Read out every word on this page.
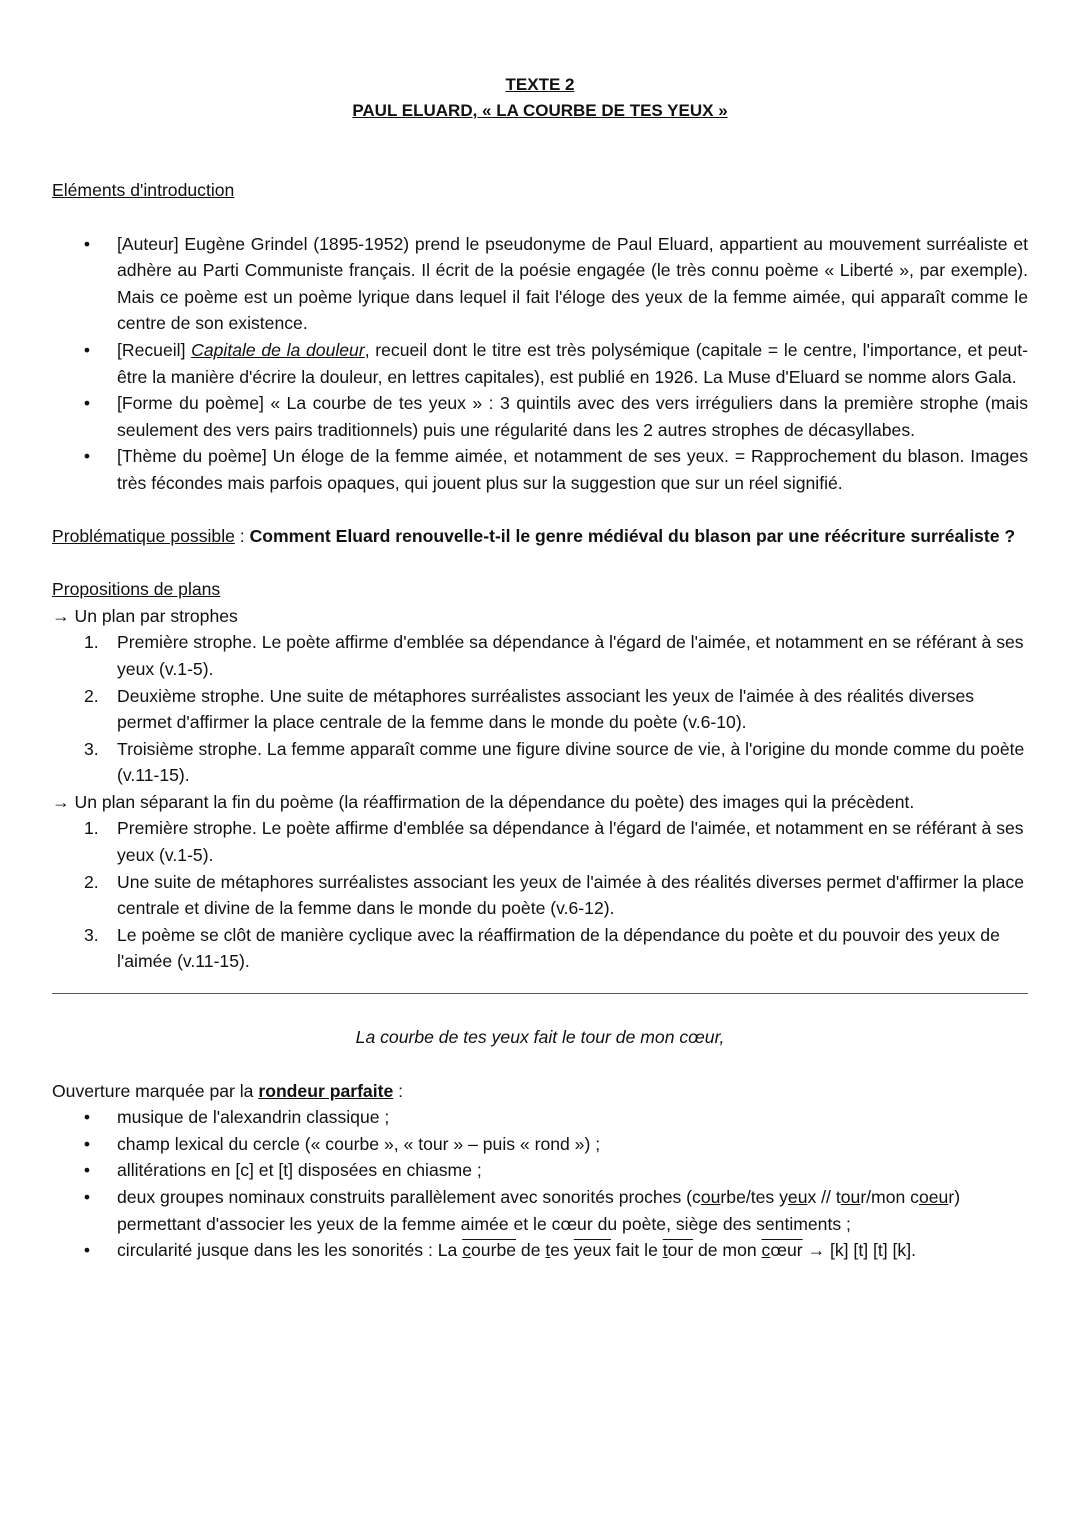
TEXTE 2
PAUL ELUARD, « LA COURBE DE TES YEUX »
Eléments d'introduction
• [Auteur] Eugène Grindel (1895-1952) prend le pseudonyme de Paul Eluard, appartient au mouvement surréaliste et adhère au Parti Communiste français. Il écrit de la poésie engagée (le très connu poème « Liberté », par exemple). Mais ce poème est un poème lyrique dans lequel il fait l'éloge des yeux de la femme aimée, qui apparaît comme le centre de son existence.
• [Recueil] Capitale de la douleur, recueil dont le titre est très polysémique (capitale = le centre, l'importance, et peut-être la manière d'écrire la douleur, en lettres capitales), est publié en 1926. La Muse d'Eluard se nomme alors Gala.
• [Forme du poème] « La courbe de tes yeux » : 3 quintils avec des vers irréguliers dans la première strophe (mais seulement des vers pairs traditionnels) puis une régularité dans les 2 autres strophes de décasyllabes.
• [Thème du poème] Un éloge de la femme aimée, et notamment de ses yeux. = Rapprochement du blason. Images très fécondes mais parfois opaques, qui jouent plus sur la suggestion que sur un réel signifié.
Problématique possible : Comment Eluard renouvelle-t-il le genre médiéval du blason par une réécriture surréaliste ?
Propositions de plans
→ Un plan par strophes
1. Première strophe. Le poète affirme d'emblée sa dépendance à l'égard de l'aimée, et notamment en se référant à ses yeux (v.1-5).
2. Deuxième strophe. Une suite de métaphores surréalistes associant les yeux de l'aimée à des réalités diverses permet d'affirmer la place centrale de la femme dans le monde du poète (v.6-10).
3. Troisième strophe. La femme apparaît comme une figure divine source de vie, à l'origine du monde comme du poète (v.11-15).
→ Un plan séparant la fin du poème (la réaffirmation de la dépendance du poète) des images qui la précèdent.
1. Première strophe. Le poète affirme d'emblée sa dépendance à l'égard de l'aimée, et notamment en se référant à ses yeux (v.1-5).
2. Une suite de métaphores surréalistes associant les yeux de l'aimée à des réalités diverses permet d'affirmer la place centrale et divine de la femme dans le monde du poète (v.6-12).
3. Le poème se clôt de manière cyclique avec la réaffirmation de la dépendance du poète et du pouvoir des yeux de l'aimée (v.11-15).
La courbe de tes yeux fait le tour de mon cœur,
Ouverture marquée par la rondeur parfaite :
• musique de l'alexandrin classique ;
• champ lexical du cercle (« courbe », « tour » – puis « rond ») ;
• allitérations en [c] et [t] disposées en chiasme ;
• deux groupes nominaux construits parallèlement avec sonorités proches (courbe/tes yeux // tour/mon coeur) permettant d'associer les yeux de la femme aimée et le cœur du poète, siège des sentiments ;
• circularité jusque dans les les sonorités : La courbe de tes yeux fait le tour de mon cœur → [k] [t] [t] [k].
